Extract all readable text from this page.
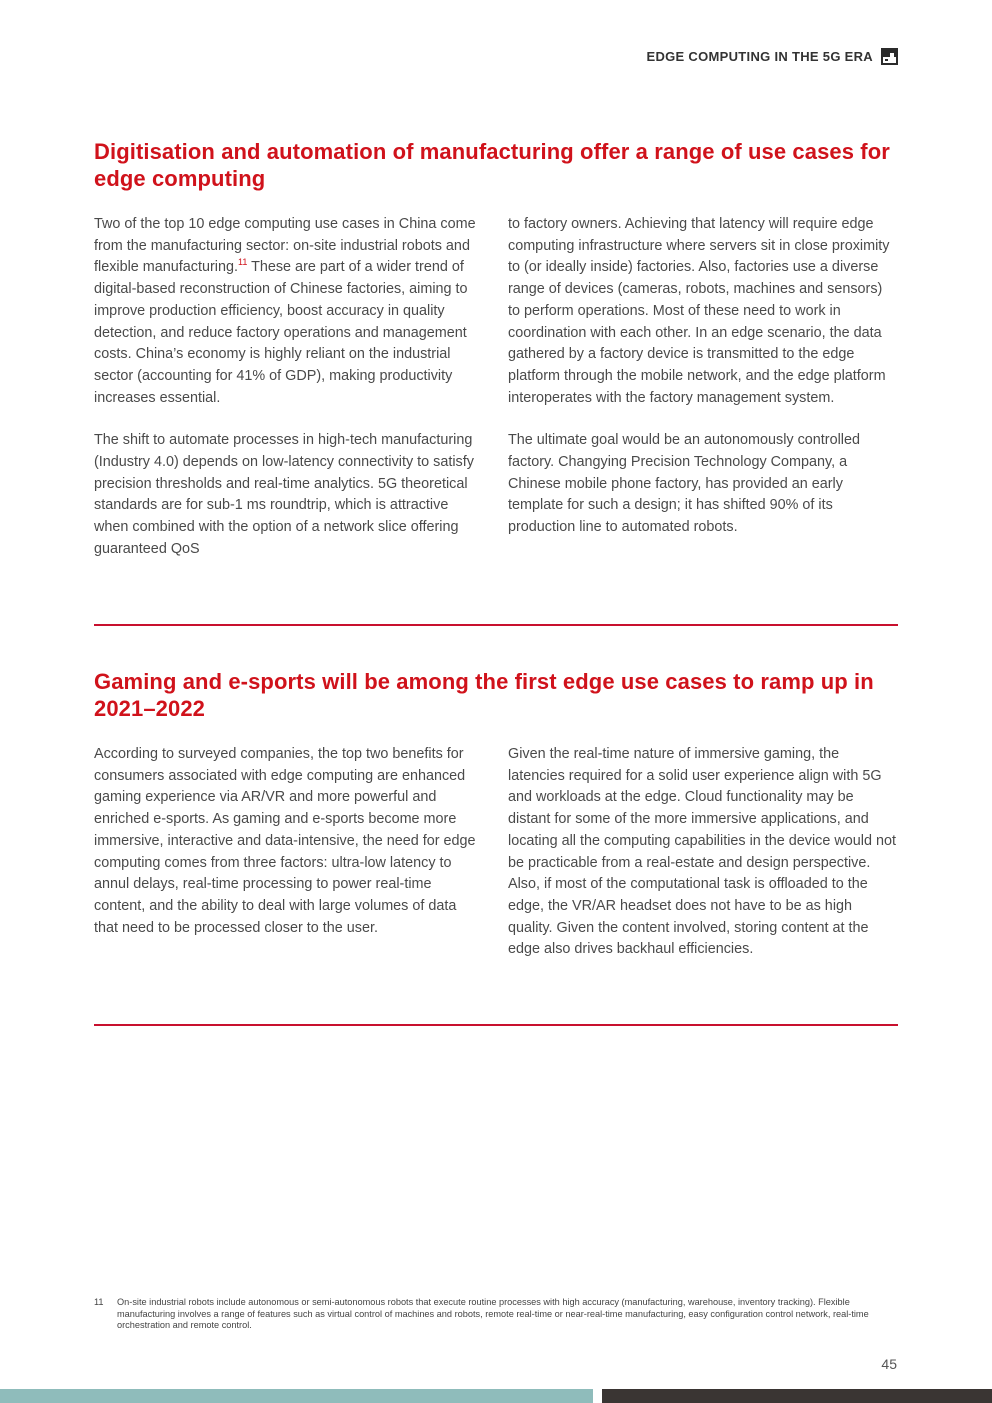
EDGE COMPUTING IN THE 5G ERA
Digitisation and automation of manufacturing offer a range of use cases for edge computing

Two of the top 10 edge computing use cases in China come from the manufacturing sector: on-site industrial robots and flexible manufacturing.$^{11}$ These are part of a wider trend of digital-based reconstruction of Chinese factories, aiming to improve production efficiency, boost accuracy in quality detection, and reduce factory operations and management costs. China’s economy is highly reliant on the industrial sector (accounting for 41% of GDP), making productivity increases essential.

The shift to automate processes in high-tech manufacturing (Industry 4.0) depends on low-latency connectivity to satisfy precision thresholds and real-time analytics. 5G theoretical standards are for sub-1 ms roundtrip, which is attractive when combined with the option of a network slice offering guaranteed QoS

to factory owners. Achieving that latency will require edge computing infrastructure where servers sit in close proximity to (or ideally inside) factories. Also, factories use a diverse range of devices (cameras, robots, machines and sensors) to perform operations. Most of these need to work in coordination with each other. In an edge scenario, the data gathered by a factory device is transmitted to the edge platform through the mobile network, and the edge platform interoperates with the factory management system.

The ultimate goal would be an autonomously controlled factory. Changying Precision Technology Company, a Chinese mobile phone factory, has provided an early template for such a design; it has shifted 90% of its production line to automated robots.

Gaming and e-sports will be among the first edge use cases to ramp up in 2021–2022

According to surveyed companies, the top two benefits for consumers associated with edge computing are enhanced gaming experience via AR/VR and more powerful and enriched e-sports. As gaming and e-sports become more immersive, interactive and data-intensive, the need for edge computing comes from three factors: ultra-low latency to annul delays, real-time processing to power real-time content, and the ability to deal with large volumes of data that need to be processed closer to the user.

Given the real-time nature of immersive gaming, the latencies required for a solid user experience align with 5G and workloads at the edge. Cloud functionality may be distant for some of the more immersive applications, and locating all the computing capabilities in the device would not be practicable from a real-estate and design perspective. Also, if most of the computational task is offloaded to the edge, the VR/AR headset does not have to be as high quality. Given the content involved, storing content at the edge also drives backhaul efficiencies.

11	On-site industrial robots include autonomous or semi-autonomous robots that execute routine processes with high accuracy (manufacturing, warehouse, inventory tracking). Flexible manufacturing involves a range of features such as virtual control of machines and robots, remote real-time or near-real-time manufacturing, easy configuration control network, real-time orchestration and remote control.
45
